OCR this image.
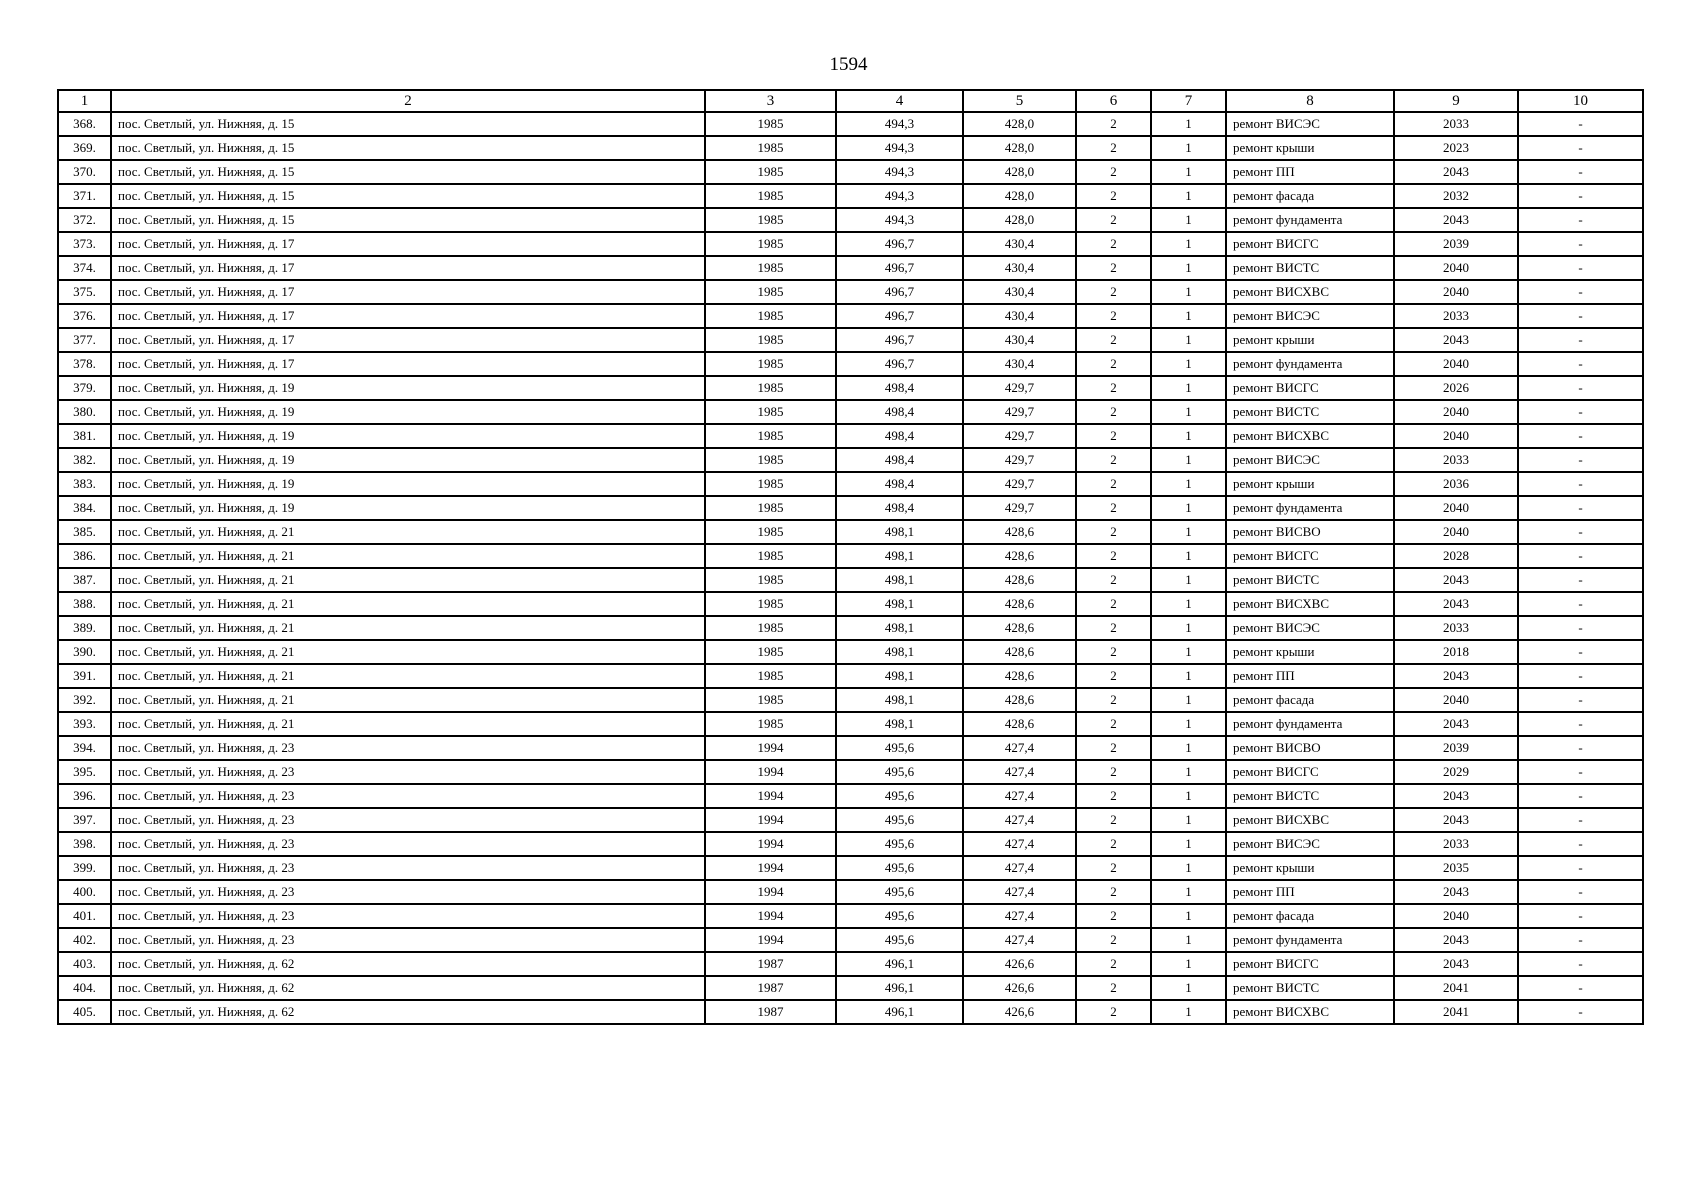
1594
1	2	3	4	5	6	7	8	9	10
368.	пос. Светлый, ул. Нижняя, д. 15	1985	494,3	428,0	2	1	ремонт ВИСЭС	2033	-
369.	пос. Светлый, ул. Нижняя, д. 15	1985	494,3	428,0	2	1	ремонт крыши	2023	-
370.	пос. Светлый, ул. Нижняя, д. 15	1985	494,3	428,0	2	1	ремонт ПП	2043	-
371.	пос. Светлый, ул. Нижняя, д. 15	1985	494,3	428,0	2	1	ремонт фасада	2032	-
372.	пос. Светлый, ул. Нижняя, д. 15	1985	494,3	428,0	2	1	ремонт фундамента	2043	-
373.	пос. Светлый, ул. Нижняя, д. 17	1985	496,7	430,4	2	1	ремонт ВИСГС	2039	-
374.	пос. Светлый, ул. Нижняя, д. 17	1985	496,7	430,4	2	1	ремонт ВИСТС	2040	-
375.	пос. Светлый, ул. Нижняя, д. 17	1985	496,7	430,4	2	1	ремонт ВИСХВС	2040	-
376.	пос. Светлый, ул. Нижняя, д. 17	1985	496,7	430,4	2	1	ремонт ВИСЭС	2033	-
377.	пос. Светлый, ул. Нижняя, д. 17	1985	496,7	430,4	2	1	ремонт крыши	2043	-
378.	пос. Светлый, ул. Нижняя, д. 17	1985	496,7	430,4	2	1	ремонт фундамента	2040	-
379.	пос. Светлый, ул. Нижняя, д. 19	1985	498,4	429,7	2	1	ремонт ВИСГС	2026	-
380.	пос. Светлый, ул. Нижняя, д. 19	1985	498,4	429,7	2	1	ремонт ВИСТС	2040	-
381.	пос. Светлый, ул. Нижняя, д. 19	1985	498,4	429,7	2	1	ремонт ВИСХВС	2040	-
382.	пос. Светлый, ул. Нижняя, д. 19	1985	498,4	429,7	2	1	ремонт ВИСЭС	2033	-
383.	пос. Светлый, ул. Нижняя, д. 19	1985	498,4	429,7	2	1	ремонт крыши	2036	-
384.	пос. Светлый, ул. Нижняя, д. 19	1985	498,4	429,7	2	1	ремонт фундамента	2040	-
385.	пос. Светлый, ул. Нижняя, д. 21	1985	498,1	428,6	2	1	ремонт ВИСВО	2040	-
386.	пос. Светлый, ул. Нижняя, д. 21	1985	498,1	428,6	2	1	ремонт ВИСГС	2028	-
387.	пос. Светлый, ул. Нижняя, д. 21	1985	498,1	428,6	2	1	ремонт ВИСТС	2043	-
388.	пос. Светлый, ул. Нижняя, д. 21	1985	498,1	428,6	2	1	ремонт ВИСХВС	2043	-
389.	пос. Светлый, ул. Нижняя, д. 21	1985	498,1	428,6	2	1	ремонт ВИСЭС	2033	-
390.	пос. Светлый, ул. Нижняя, д. 21	1985	498,1	428,6	2	1	ремонт крыши	2018	-
391.	пос. Светлый, ул. Нижняя, д. 21	1985	498,1	428,6	2	1	ремонт ПП	2043	-
392.	пос. Светлый, ул. Нижняя, д. 21	1985	498,1	428,6	2	1	ремонт фасада	2040	-
393.	пос. Светлый, ул. Нижняя, д. 21	1985	498,1	428,6	2	1	ремонт фундамента	2043	-
394.	пос. Светлый, ул. Нижняя, д. 23	1994	495,6	427,4	2	1	ремонт ВИСВО	2039	-
395.	пос. Светлый, ул. Нижняя, д. 23	1994	495,6	427,4	2	1	ремонт ВИСГС	2029	-
396.	пос. Светлый, ул. Нижняя, д. 23	1994	495,6	427,4	2	1	ремонт ВИСТС	2043	-
397.	пос. Светлый, ул. Нижняя, д. 23	1994	495,6	427,4	2	1	ремонт ВИСХВС	2043	-
398.	пос. Светлый, ул. Нижняя, д. 23	1994	495,6	427,4	2	1	ремонт ВИСЭС	2033	-
399.	пос. Светлый, ул. Нижняя, д. 23	1994	495,6	427,4	2	1	ремонт крыши	2035	-
400.	пос. Светлый, ул. Нижняя, д. 23	1994	495,6	427,4	2	1	ремонт ПП	2043	-
401.	пос. Светлый, ул. Нижняя, д. 23	1994	495,6	427,4	2	1	ремонт фасада	2040	-
402.	пос. Светлый, ул. Нижняя, д. 23	1994	495,6	427,4	2	1	ремонт фундамента	2043	-
403.	пос. Светлый, ул. Нижняя, д. 62	1987	496,1	426,6	2	1	ремонт ВИСГС	2043	-
404.	пос. Светлый, ул. Нижняя, д. 62	1987	496,1	426,6	2	1	ремонт ВИСТС	2041	-
405.	пос. Светлый, ул. Нижняя, д. 62	1987	496,1	426,6	2	1	ремонт ВИСХВС	2041	-
